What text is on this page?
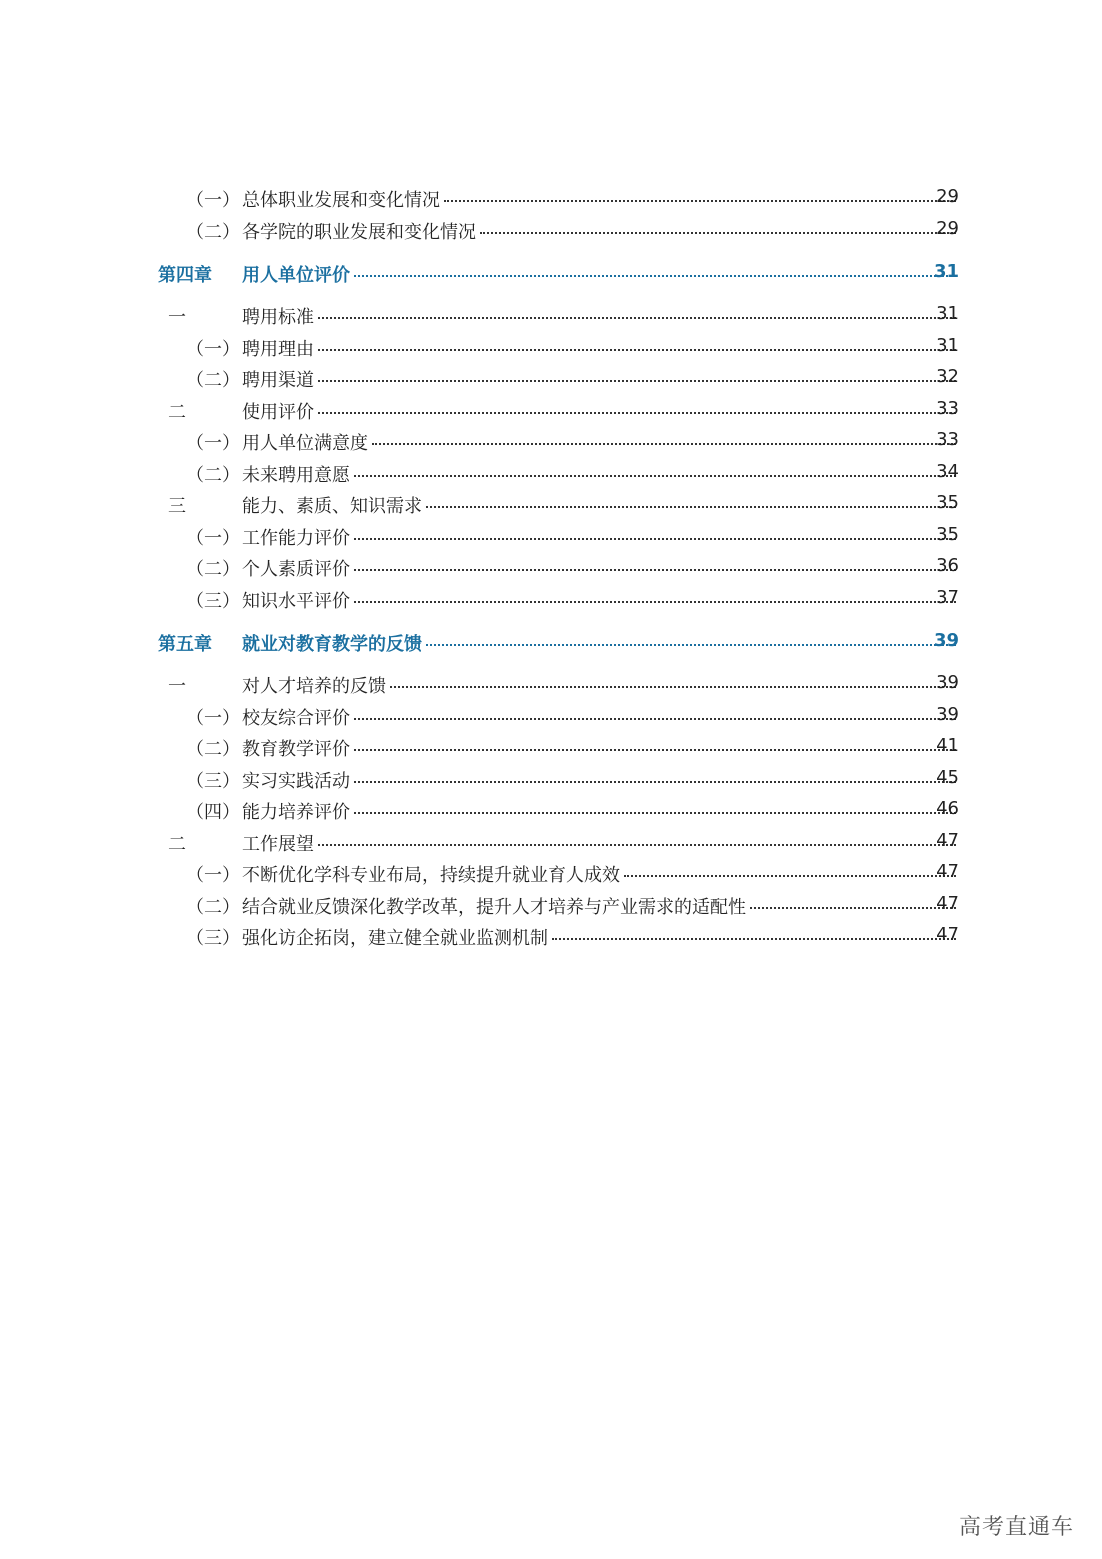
（一） 总体职业发展和变化情况	29
（二） 各学院的职业发展和变化情况	29
第四章 用人单位评价	31
一	聘用标准	31
（一） 聘用理由	31
（二） 聘用渠道	32
二	使用评价	33
（一） 用人单位满意度	33
（二） 未来聘用意愿	34
三	能力、素质、知识需求	35
（一） 工作能力评价	35
（二） 个人素质评价	36
（三） 知识水平评价	37
第五章 就业对教育教学的反馈	39
一	对人才培养的反馈	39
（一） 校友综合评价	39
（二） 教育教学评价	41
（三） 实习实践活动	45
（四） 能力培养评价	46
二	工作展望	47
（一） 不断优化学科专业布局，持续提升就业育人成效	47
（二） 结合就业反馈深化教学改革，提升人才培养与产业需求的适配性	47
（三） 强化访企拓岗，建立健全就业监测机制	47
高考直通车
